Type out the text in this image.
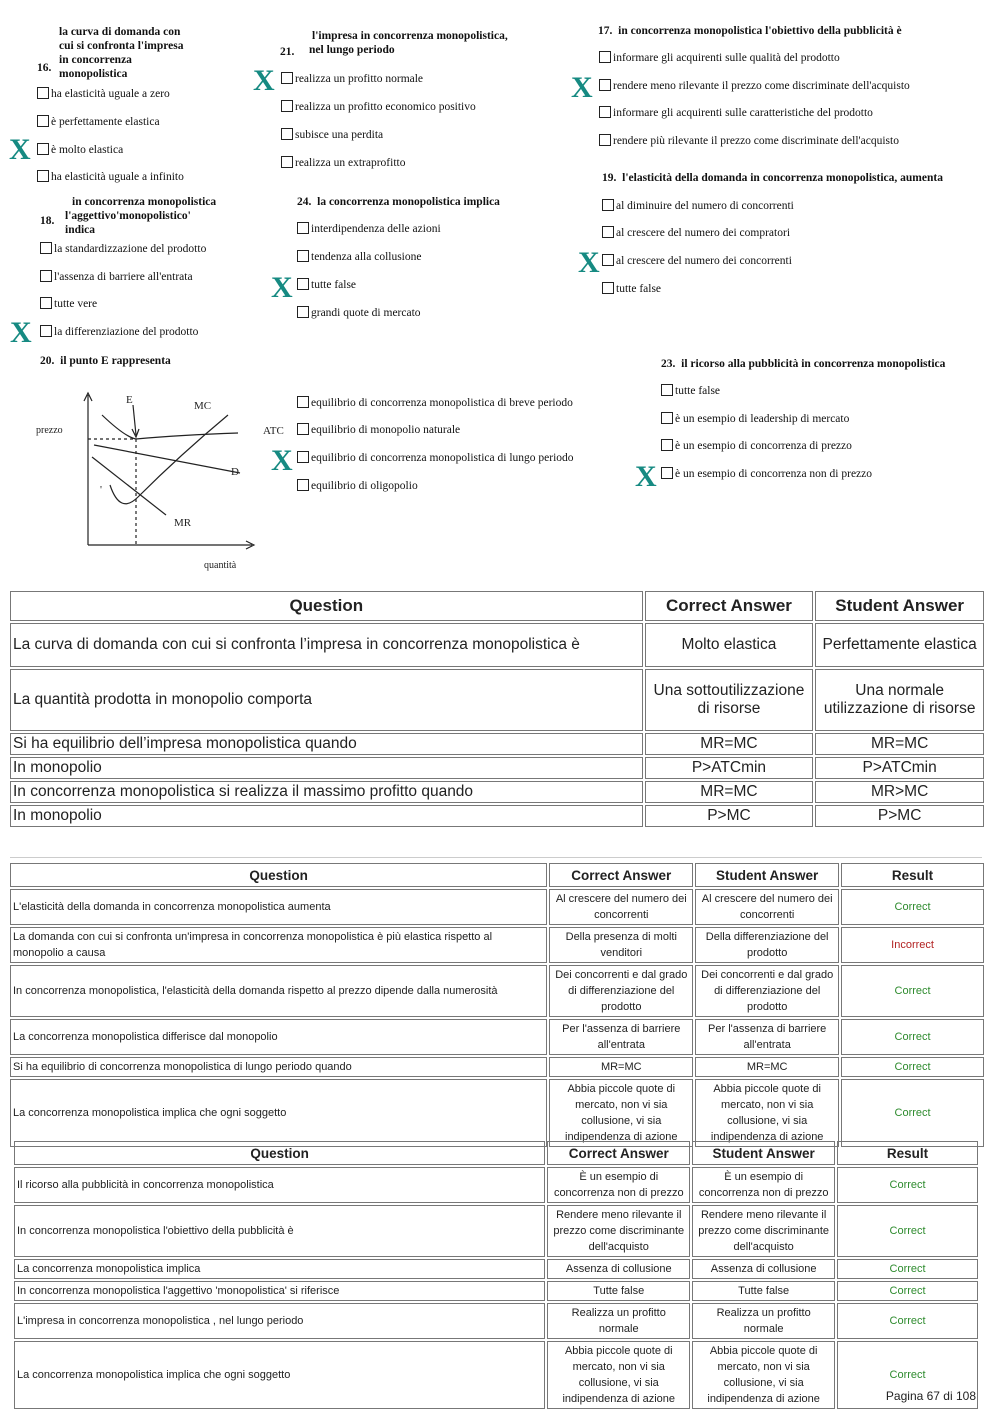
la curva di domanda con
cui si confronta l'impresa
in concorrenza
monopolistica
16.
ha elasticità uguale a zero
è perfettamente elastica
è molto elastica
ha elasticità uguale a infinito
X
l'impresa in concorrenza monopolistica,
nel lungo periodo
21.
realizza un profitto normale
realizza un profitto economico positivo
subisce una perdita
realizza un extraprofitto
X
17. in concorrenza monopolistica l'obiettivo della pubblicità è
informare gli acquirenti sulle qualità del prodotto
rendere meno rilevante il prezzo come discriminate dell'acquisto
informare gli acquirenti sulle caratteristiche del prodotto
rendere più rilevante il prezzo come discriminate dell'acquisto
X
19. l'elasticità della domanda in concorrenza monopolistica, aumenta
al diminuire del numero di concorrenti
al crescere del numero dei compratori
al crescere del numero dei concorrenti
tutte false
X
in concorrenza monopolistica
l'aggettivo'monopolistico'
indica
18.
la standardizzazione del prodotto
l'assenza di barriere all'entrata
tutte vere
la differenziazione del prodotto
X
24. la concorrenza monopolistica implica
interdipendenza delle azioni
tendenza alla collusione
tutte false
grandi quote di mercato
X
20. il punto E rappresenta
E	MC
ATC
D
MR
prezzo
quantità
'
equilibrio di concorrenza monopolistica di breve periodo
equilibrio di monopolio naturale
equilibrio di concorrenza monopolistica di lungo periodo
equilibrio di oligopolio
X
23. il ricorso alla pubblicità in concorrenza monopolistica
tutte false
è un esempio di leadership di mercato
è un esempio di concorrenza di prezzo
è un esempio di concorrenza non di prezzo
X
Question	Correct Answer	Student Answer
La curva di domanda con cui si confronta l’impresa in concorrenza monopolistica è	Molto elastica	Perfettamente elastica
La quantità prodotta in monopolio comporta	Una sottoutilizzazione di risorse	Una normale utilizzazione di risorse
Si ha equilibrio dell’impresa monopolistica quando	MR=MC	MR=MC
In monopolio	P>ATCmin	P>ATCmin
In concorrenza monopolistica si realizza il massimo profitto quando	MR=MC	MR>MC
In monopolio	P>MC	P>MC
Question	Correct Answer	Student Answer	Result
L'elasticità della domanda in concorrenza monopolistica aumenta	Al crescere del numero dei concorrenti	Al crescere del numero dei concorrenti	Correct
La domanda con cui si confronta un'impresa in concorrenza monopolistica è più elastica rispetto al monopolio a causa	Della presenza di molti venditori	Della differenziazione del prodotto	Incorrect
In concorrenza monopolistica, l'elasticità della domanda rispetto al prezzo dipende dalla numerosità	Dei concorrenti e dal grado di differenziazione del prodotto	Dei concorrenti e dal grado di differenziazione del prodotto	Correct
La concorrenza monopolistica differisce dal monopolio	Per l'assenza di barriere all'entrata	Per l'assenza di barriere all'entrata	Correct
Si ha equilibrio di concorrenza monopolistica di lungo periodo quando	MR=MC	MR=MC	Correct
La concorrenza monopolistica implica che ogni soggetto	Abbia piccole quote di mercato, non vi sia collusione, vi sia indipendenza di azione	Abbia piccole quote di mercato, non vi sia collusione, vi sia indipendenza di azione	Correct
Question	Correct Answer	Student Answer	Result
Il ricorso alla pubblicità in concorrenza monopolistica	È un esempio di concorrenza non di prezzo	È un esempio di concorrenza non di prezzo	Correct
In concorrenza monopolistica l'obiettivo della pubblicità è	Rendere meno rilevante il prezzo come discriminante dell'acquisto	Rendere meno rilevante il prezzo come discriminante dell'acquisto	Correct
La concorrenza monopolistica implica	Assenza di collusione	Assenza di collusione	Correct
In concorrenza monopolistica l'aggettivo 'monopolistica' si riferisce	Tutte false	Tutte false	Correct
L'impresa in concorrenza monopolistica , nel lungo periodo	Realizza un profitto normale	Realizza un profitto normale	Correct
La concorrenza monopolistica implica che ogni soggetto	Abbia piccole quote di mercato, non vi sia collusione, vi sia indipendenza di azione	Abbia piccole quote di mercato, non vi sia collusione, vi sia indipendenza di azione	Correct
Pagina 67 di 108
